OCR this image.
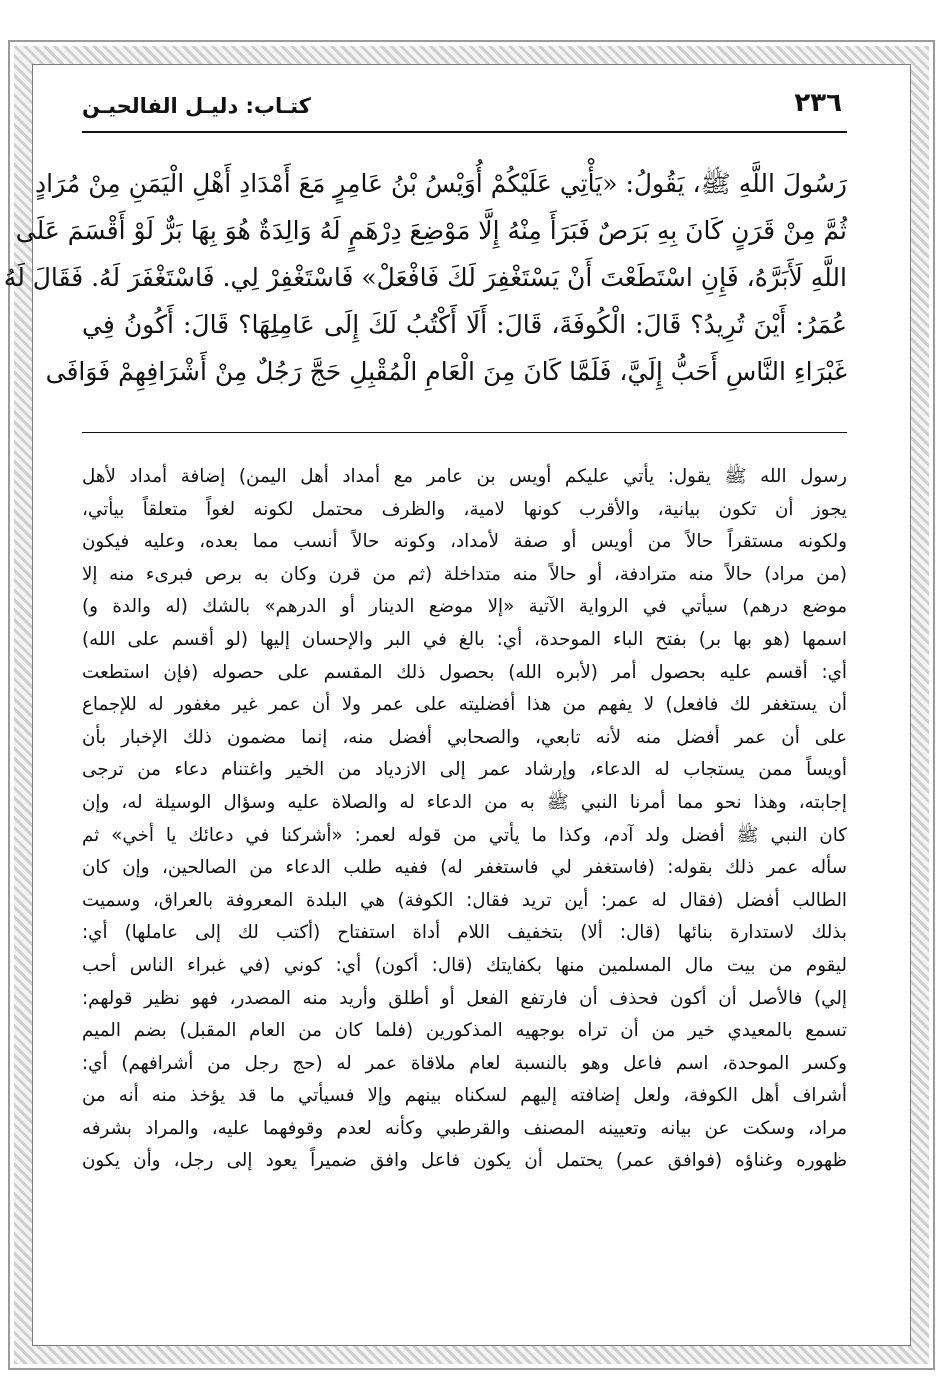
٢٣٦
كتـاب: دليـل الفالحيـن
رَسُولَ اللَّهِ ﷺ، يَقُولُ: «يَأْتِي عَلَيْكُمْ أُوَيْسُ بْنُ عَامِرٍ مَعَ أَمْدَادِ أَهْلِ الْيَمَنِ مِنْ مُرَادٍ
ثُمَّ مِنْ قَرَنٍ كَانَ بِهِ بَرَصٌ فَبَرَأَ مِنْهُ إِلَّا مَوْضِعَ دِرْهَمٍ لَهُ وَالِدَةٌ هُوَ بِهَا بَرٌّ لَوْ أَقْسَمَ عَلَى
اللَّهِ لَأَبَرَّهُ، فَإِنِ اسْتَطَعْتَ أَنْ يَسْتَغْفِرَ لَكَ فَافْعَلْ» فَاسْتَغْفِرْ لِي. فَاسْتَغْفَرَ لَهُ. فَقَالَ لَهُ
عُمَرُ: أَيْنَ تُرِيدُ؟ قَالَ: الْكُوفَةَ، قَالَ: أَلَا أَكْتُبُ لَكَ إِلَى عَامِلِهَا؟ قَالَ: أَكُونُ فِي
غَبْرَاءِ النَّاسِ أَحَبُّ إِلَيَّ، فَلَمَّا كَانَ مِنَ الْعَامِ الْمُقْبِلِ حَجَّ رَجُلٌ مِنْ أَشْرَافِهِمْ فَوَافَى
رسول الله ﷺ يقول: يأتي عليكم أويس بن عامر مع أمداد أهل اليمن) إضافة أمداد لأهل
يجوز أن تكون بيانية، والأقرب كونها لامية، والظرف محتمل لكونه لغواً متعلقاً بيأتي،
ولكونه مستقراً حالاً من أويس أو صفة لأمداد، وكونه حالاً أنسب مما بعده، وعليه فيكون
(من مراد) حالاً منه مترادفة، أو حالاً منه متداخلة (ثم من قرن وكان به برص فبرىء منه إلا
موضع درهم) سيأتي في الرواية الآتية «إلا موضع الدينار أو الدرهم» بالشك (له والدة و)
اسمها (هو بها بر) بفتح الباء الموحدة، أي: بالغ في البر والإحسان إليها (لو أقسم على الله)
أي: أقسم عليه بحصول أمر (لأبره الله) بحصول ذلك المقسم على حصوله (فإن استطعت
أن يستغفر لك فافعل) لا يفهم من هذا أفضليته على عمر ولا أن عمر غير مغفور له للإجماع
على أن عمر أفضل منه لأنه تابعي، والصحابي أفضل منه، إنما مضمون ذلك الإخبار بأن
أويساً ممن يستجاب له الدعاء، وإرشاد عمر إلى الازدياد من الخير واغتنام دعاء من ترجى
إجابته، وهذا نحو مما أمرنا النبي ﷺ به من الدعاء له والصلاة عليه وسؤال الوسيلة له، وإن
كان النبي ﷺ أفضل ولد آدم، وكذا ما يأتي من قوله لعمر: «أشركنا في دعائك يا أخي» ثم
سأله عمر ذلك بقوله: (فاستغفر لي فاستغفر له) ففيه طلب الدعاء من الصالحين، وإن كان
الطالب أفضل (فقال له عمر: أين تريد فقال: الكوفة) هي البلدة المعروفة بالعراق، وسميت
بذلك لاستدارة بنائها (قال: ألا) بتخفيف اللام أداة استفتاح (أكتب لك إلى عاملها) أي:
ليقوم من بيت مال المسلمين منها بكفايتك (قال: أكون) أي: كوني (في غبراء الناس أحب
إلي) فالأصل أن أكون فحذف أن فارتفع الفعل أو أطلق وأريد منه المصدر، فهو نظير قولهم:
تسمع بالمعيدي خير من أن تراه بوجهيه المذكورين (فلما كان من العام المقبل) بضم الميم
وكسر الموحدة، اسم فاعل وهو بالنسبة لعام ملاقاة عمر له (حج رجل من أشرافهم) أي:
أشراف أهل الكوفة، ولعل إضافته إليهم لسكناه بينهم وإلا فسيأتي ما قد يؤخذ منه أنه من
مراد، وسكت عن بيانه وتعيينه المصنف والقرطبي وكأنه لعدم وقوفهما عليه، والمراد بشرفه
ظهوره وغناؤه (فوافق عمر) يحتمل أن يكون فاعل وافق ضميراً يعود إلى رجل، وأن يكون
